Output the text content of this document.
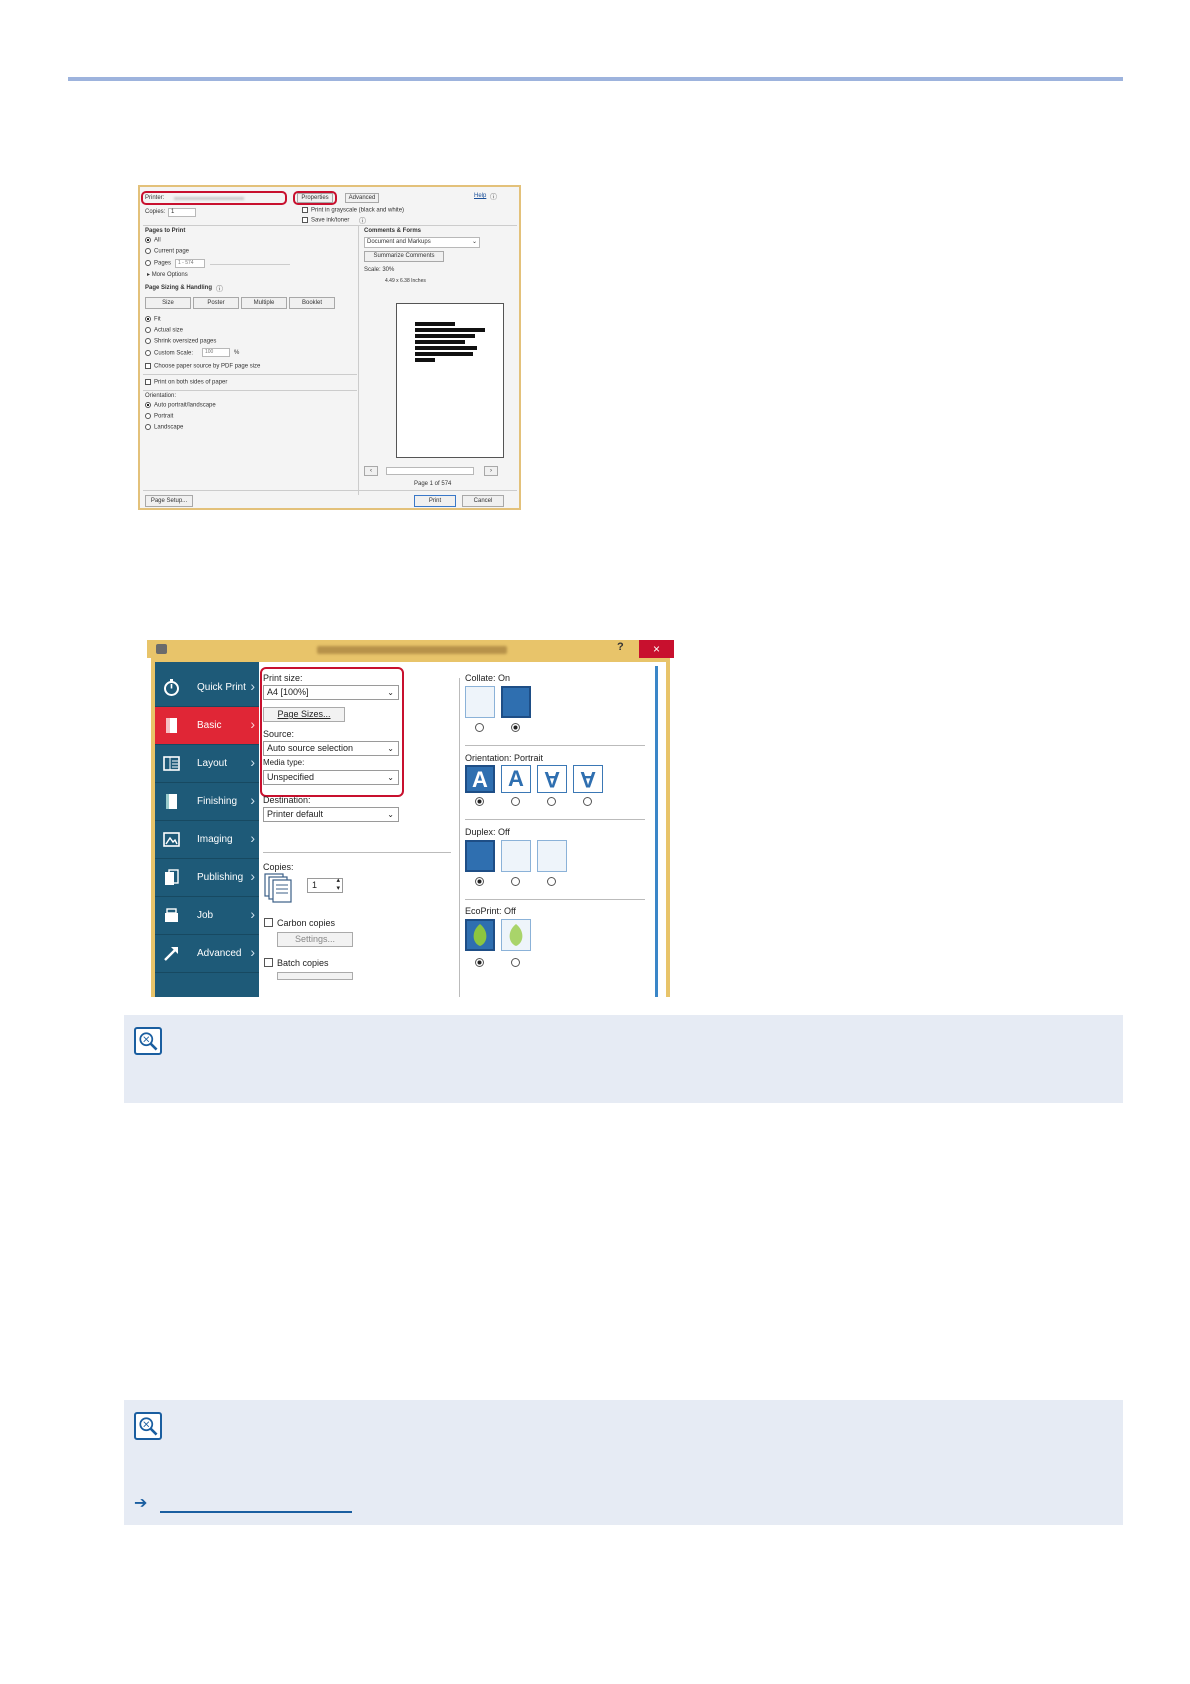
Printer:	Properties	Advanced	Help ⓘ
Copies: 1	Print in grayscale (black and white)
Save ink/toner ⓘ
Pages to Print
All
Current page
Pages	1 - 574
▸ More Options
Page Sizing & Handling ⓘ
Size	Poster	Multiple	Booklet
Fit
Actual size
Shrink oversized pages
Custom Scale:	100	%
Choose paper source by PDF page size
Print on both sides of paper
Orientation:
Auto portrait/landscape
Portrait
Landscape
Comments & Forms
Document and Markups	⌄
Summarize Comments
Scale: 30%
4.49 x 6.38 Inches
‹	›
Page 1 of 574
Page Setup...	Print	Cancel
?	×
Quick Print ›
Basic ›
Layout ›
Finishing ›
Imaging ›
Publishing ›
Job	›
Advanced ›
Print size:
A4 [100%]	⌄
Page Sizes...
Source:
Auto source selection	⌄
Media type:
Unspecified	⌄
Destination:
Printer default	⌄
Copies:
1	▴
▾
Carbon copies
Settings...
Batch copies
Collate: On
Orientation: Portrait
A A A A
Duplex: Off
EcoPrint: Off
➔
